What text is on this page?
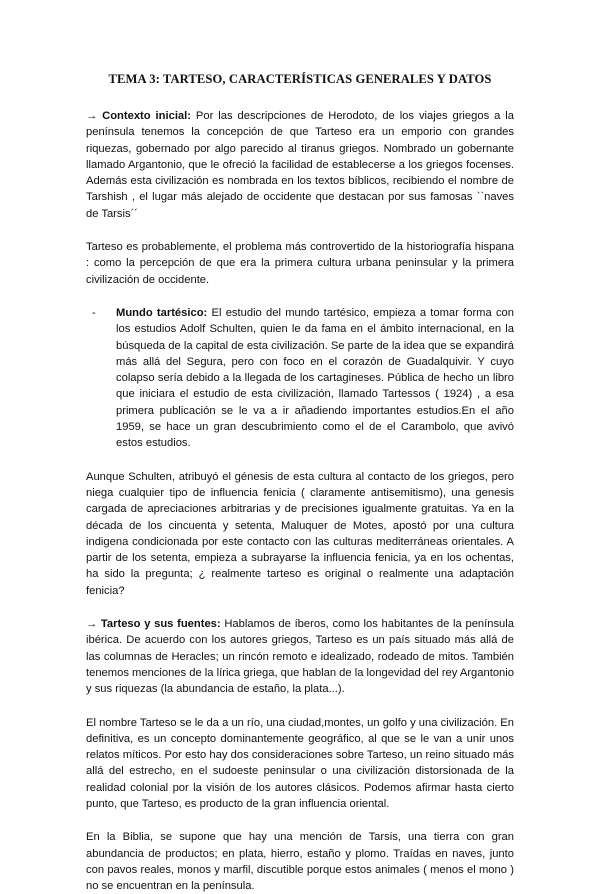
TEMA 3: TARTESO, CARACTERÍSTICAS GENERALES Y DATOS

→ Contexto inicial: Por las descripciones de Herodoto, de los viajes griegos a la península tenemos la concepción de que Tarteso era un emporio con grandes riquezas, gobernado por algo parecido al tiranus griegos. Nombrado un gobernante llamado Argantonio, que le ofreció la facilidad de establecerse a los griegos focenses. Además esta civilización es nombrada en los textos bíblicos, recibiendo el nombre de Tarshish , el lugar más alejado de occidente que destacan por sus famosas ``naves de Tarsis´´

Tarteso es probablemente, el problema más controvertido de la historiografía hispana : como la percepción de que era la primera cultura urbana peninsular y la primera civilización de occidente.

-	Mundo tartésico: El estudio del mundo tartésico, empieza a tomar forma con los estudios Adolf Schulten, quien le da fama en el ámbito internacional, en la búsqueda de la capital de esta civilización. Se parte de la idea que se expandirá más allá del Segura, pero con foco en el corazón de Guadalquivir. Y cuyo colapso sería debido a la llegada de los cartagineses. Pública de hecho un libro que iniciara el estudio de esta civilización, llamado Tartessos ( 1924) , a esa primera publicación se le va a ir añadiendo importantes estudios.En el año 1959, se hace un gran descubrimiento como el de el Carambolo, que avivó estos estudios.

Aunque Schulten, atribuyó el génesis de esta cultura al contacto de los griegos, pero niega cualquier tipo de influencia fenicia ( claramente antisemitismo), una genesis cargada de apreciaciones arbitrarias y de precisiones igualmente gratuitas. Ya en la década de los cincuenta y setenta, Maluquer de Motes, apostó por una cultura indigena condicionada por este contacto con las culturas mediterráneas orientales. A partir de los setenta, empieza a subrayarse la influencia fenicia, ya en los ochentas, ha sido la pregunta; ¿ realmente tarteso es original o realmente una adaptación fenicia?

→ Tarteso y sus fuentes: Hablamos de íberos, como los habitantes de la península ibérica. De acuerdo con los autores griegos, Tarteso es un país situado más allá de las columnas de Heracles; un rincón remoto e idealizado, rodeado de mitos. También tenemos menciones de la lírica griega, que hablan de la longevidad del rey Argantonio y sus riquezas (la abundancia de estaño, la plata...).

El nombre Tarteso se le da a un río, una ciudad,montes, un golfo y una civilización. En definitiva, es un concepto dominantemente geográfico, al que se le van a unir unos relatos míticos. Por esto hay dos consideraciones sobre Tarteso, un reino situado más allá del estrecho, en el sudoeste peninsular o una civilización distorsionada de la realidad colonial por la visión de los autores clásicos. Podemos afirmar hasta cierto punto, que Tarteso, es producto de la gran influencia oriental.

En la Biblia, se supone que hay una mención de Tarsis, una tierra con gran abundancia de productos; en plata, hierro, estaño y plomo. Traídas en naves, junto con pavos reales, monos y marfil, discutible porque estos animales ( menos el mono ) no se encuentran en la península.
